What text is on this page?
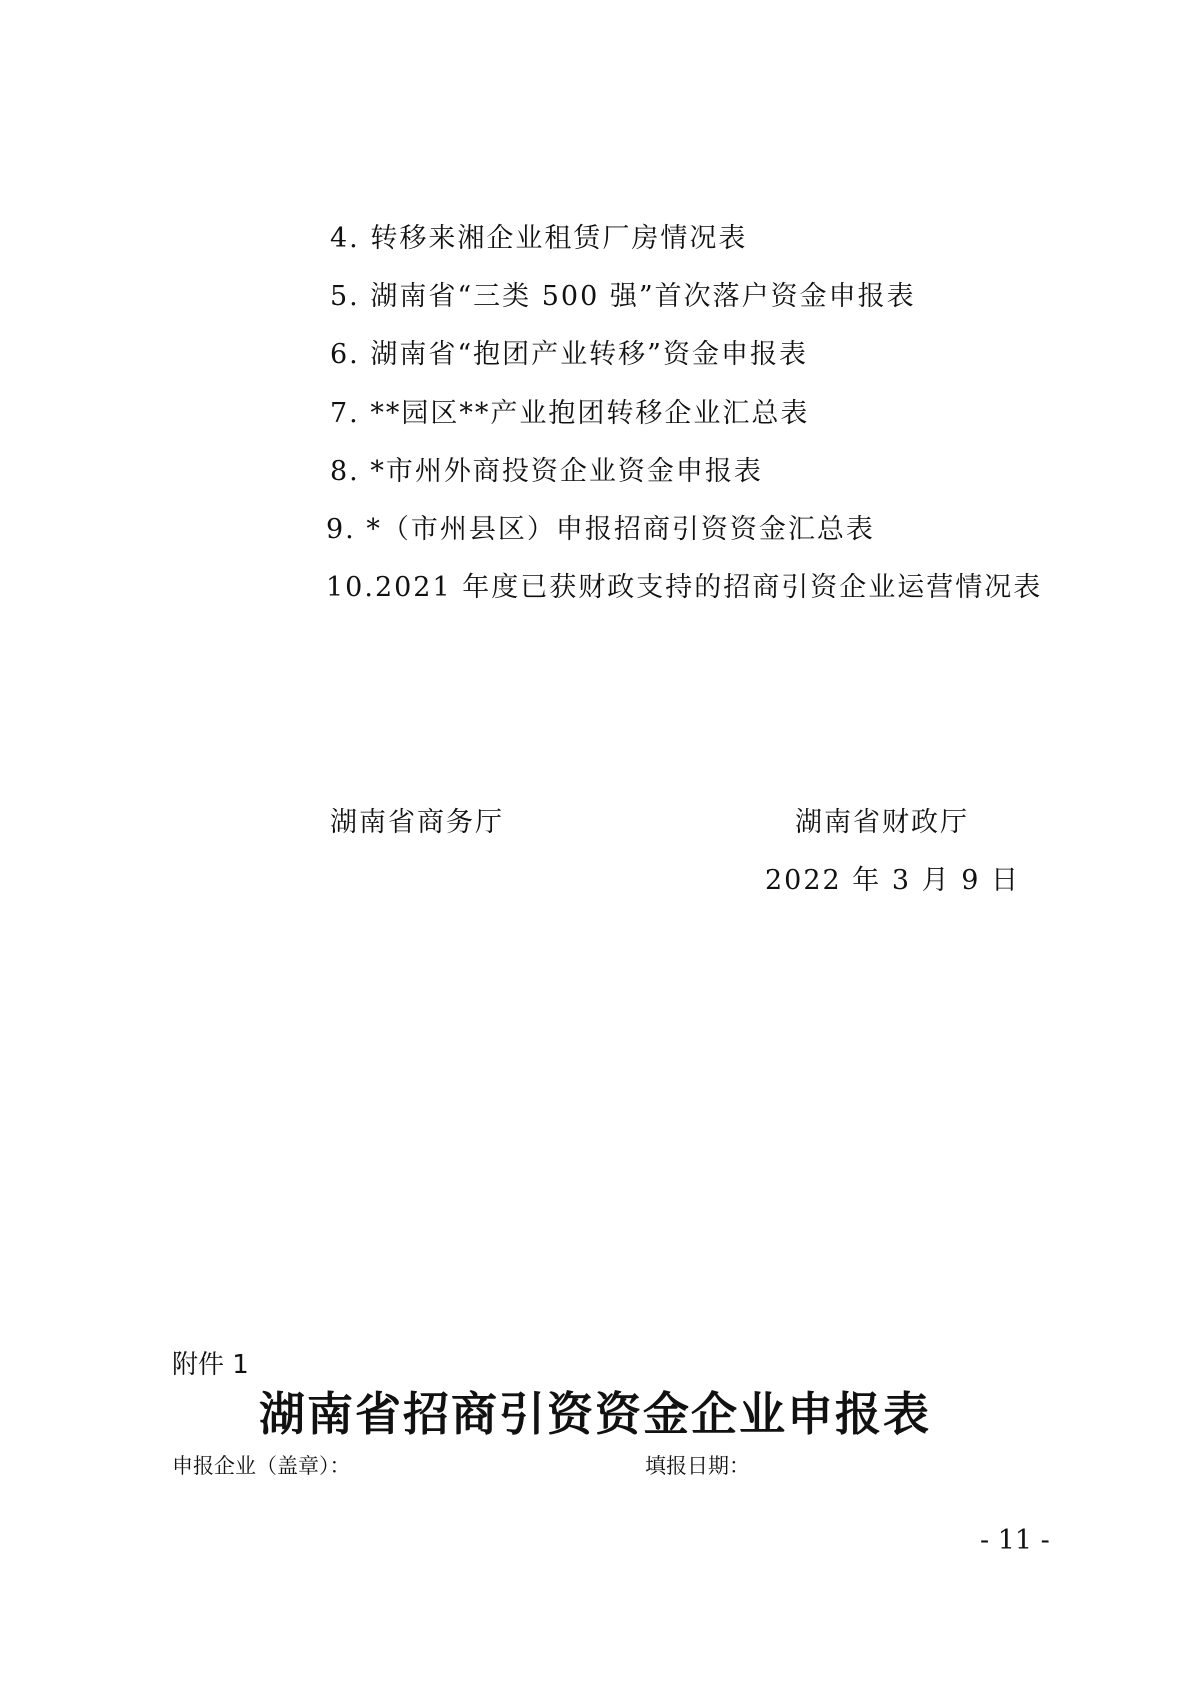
4. 转移来湘企业租赁厂房情况表
5. 湖南省“三类 500 强”首次落户资金申报表
6. 湖南省“抱团产业转移”资金申报表
7. **园区**产业抱团转移企业汇总表
8. *市州外商投资企业资金申报表
9. *（市州县区）申报招商引资资金汇总表
10.2021 年度已获财政支持的招商引资企业运营情况表
湖南省商务厅	湖南省财政厅
2022 年 3 月 9 日
附件 1
湖南省招商引资资金企业申报表
申报企业（盖章）：	填报日期：
- 11 -
